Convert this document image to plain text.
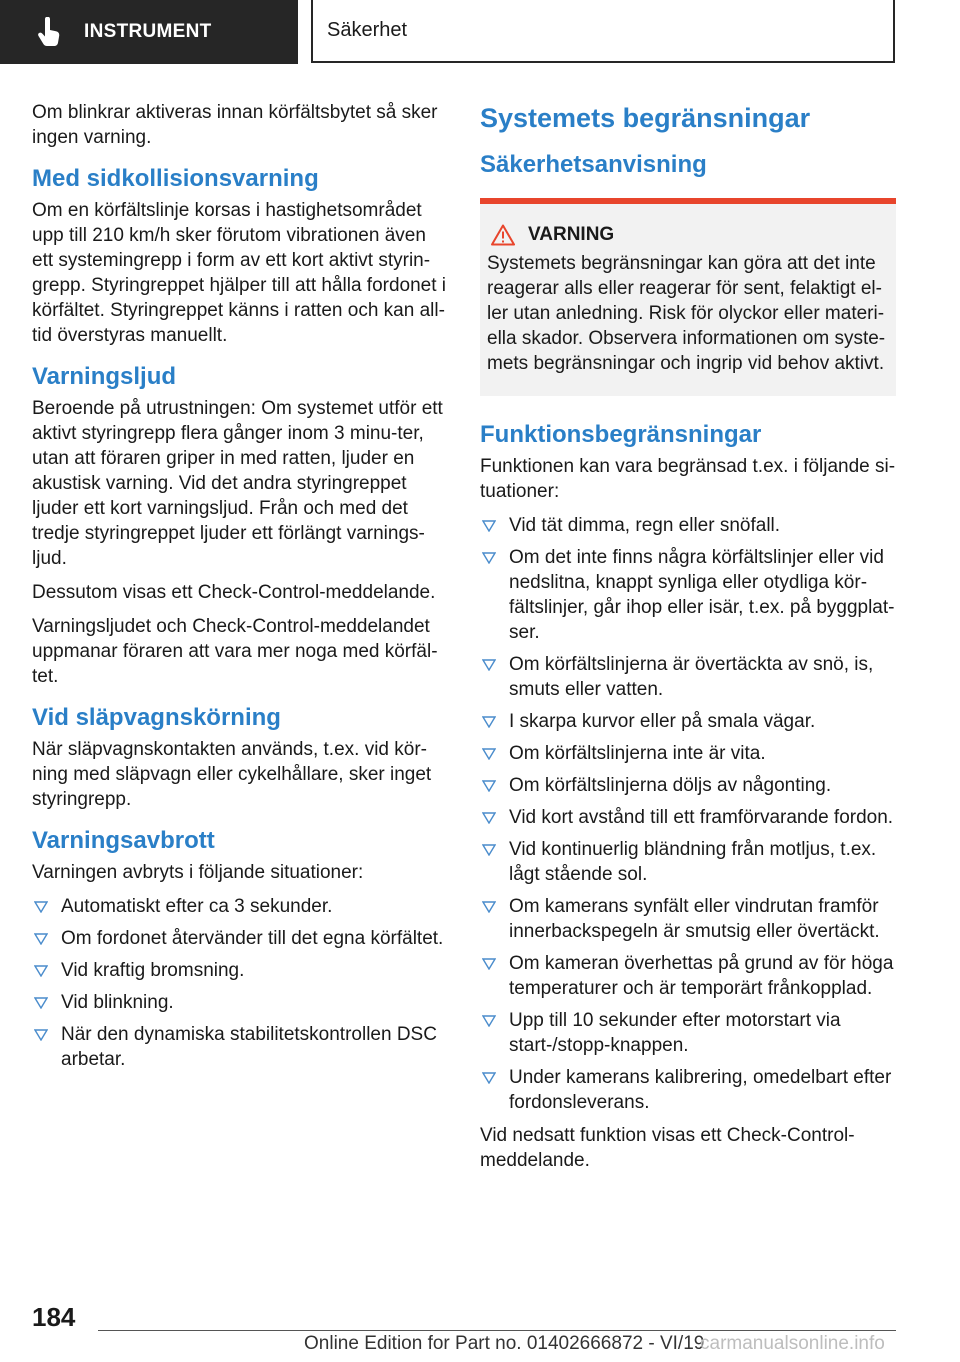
INSTRUMENT	Säkerhet

Om blinkrar aktiveras innan körfältsbytet så sker ingen varning.

Med sidkollisionsvarning

Om en körfältslinje korsas i hastighetsområdet upp till 210 km/h sker förutom vibrationen även ett systemingrepp i form av ett kort aktivt styrin‐grepp. Styringreppet hjälper till att hålla fordonet i körfältet. Styringreppet känns i ratten och kan all‐tid överstyras manuellt.

Varningsljud

Beroende på utrustningen: Om systemet utför ett aktivt styringrepp flera gånger inom 3 minu‐ter, utan att föraren griper in med ratten, ljuder en akustisk varning. Vid det andra styringreppet ljuder ett kort varningsljud. Från och med det tredje styringreppet ljuder ett förlängt varnings‐ljud.

Dessutom visas ett Check-Control-meddelande.

Varningsljudet och Check-Control-meddelandet uppmanar föraren att vara mer noga med körfäl‐tet.

Vid släpvagnskörning

När släpvagnskontakten används, t.ex. vid kör‐ning med släpvagn eller cykelhållare, sker inget styringrepp.

Varningsavbrott

Varningen avbryts i följande situationer:

Automatiskt efter ca 3 sekunder.
Om fordonet återvänder till det egna körfältet.
Vid kraftig bromsning.
Vid blinkning.
När den dynamiska stabilitetskontrollen DSC arbetar.
Systemets begränsningar
Säkerhetsanvisning
VARNING

Systemets begränsningar kan göra att det inte reagerar alls eller reagerar för sent, felaktigt el‐ler utan anledning. Risk för olyckor eller materi‐ella skador. Observera informationen om syste‐mets begränsningar och ingrip vid behov aktivt.

Funktionsbegränsningar

Funktionen kan vara begränsad t.ex. i följande si‐tuationer:

Vid tät dimma, regn eller snöfall.
Om det inte finns några körfältslinjer eller vid nedslitna, knappt synliga eller otydliga kör‐fältslinjer, går ihop eller isär, t.ex. på byggplat‐ser.
Om körfältslinjerna är övertäckta av snö, is, smuts eller vatten.
I skarpa kurvor eller på smala vägar.
Om körfältslinjerna inte är vita.
Om körfältslinjerna döljs av någonting.
Vid kort avstånd till ett framförvarande fordon.
Vid kontinuerlig bländning från motljus, t.ex. lågt stående sol.
Om kamerans synfält eller vindrutan framför innerbackspegeln är smutsig eller övertäckt.
Om kameran överhettas på grund av för höga temperaturer och är temporärt frånkopplad.
Upp till 10 sekunder efter motorstart via start-/stopp-knappen.
Under kamerans kalibrering, omedelbart efter fordonsleverans.

Vid nedsatt funktion visas ett Check-Control-meddelande.

184
Online Edition for Part no. 01402666872 - VI/19
carmanualsonline.info
